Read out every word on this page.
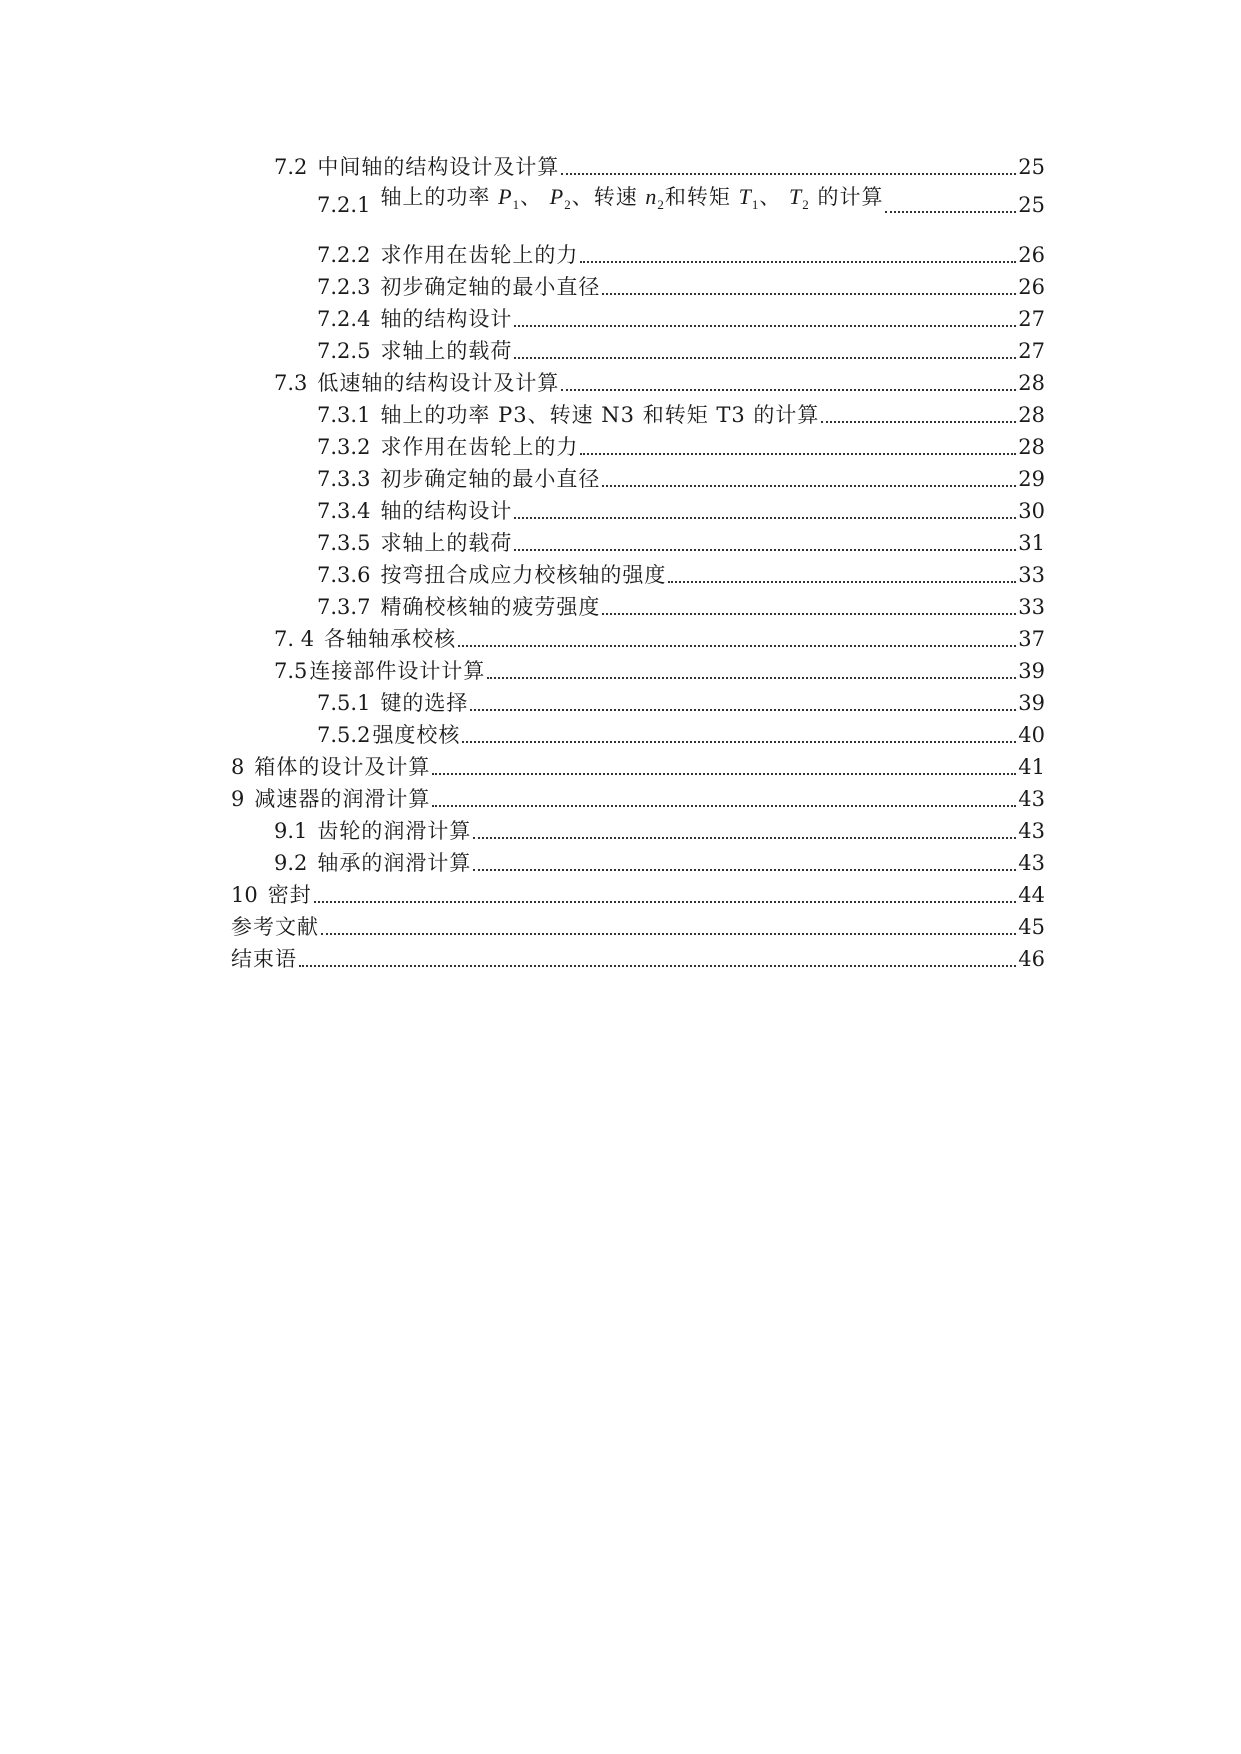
7.2 中间轴的结构设计及计算	25
7.2.1 轴上的功率 $P_1$、 $P_2$、转速 $n_2$和转矩 $T_1$、 $T_2$ 的计算	25
7.2.2 求作用在齿轮上的力	26
7.2.3 初步确定轴的最小直径	26
7.2.4 轴的结构设计	27
7.2.5 求轴上的载荷	27
7.3 低速轴的结构设计及计算	28
7.3.1 轴上的功率 P3、转速 N3 和转矩 T3 的计算	28
7.3.2 求作用在齿轮上的力	28
7.3.3 初步确定轴的最小直径	29
7.3.4 轴的结构设计	30
7.3.5 求轴上的载荷	31
7.3.6 按弯扭合成应力校核轴的强度	33
7.3.7 精确校核轴的疲劳强度	33
7. 4 各轴轴承校核	37
7.5 连接部件设计计算	39
7.5.1 键的选择	39
7.5.2 强度校核	40
8 箱体的设计及计算	41
9 减速器的润滑计算	43
9.1 齿轮的润滑计算	43
9.2 轴承的润滑计算	43
10 密封	44
参考文献	45
结束语	46
